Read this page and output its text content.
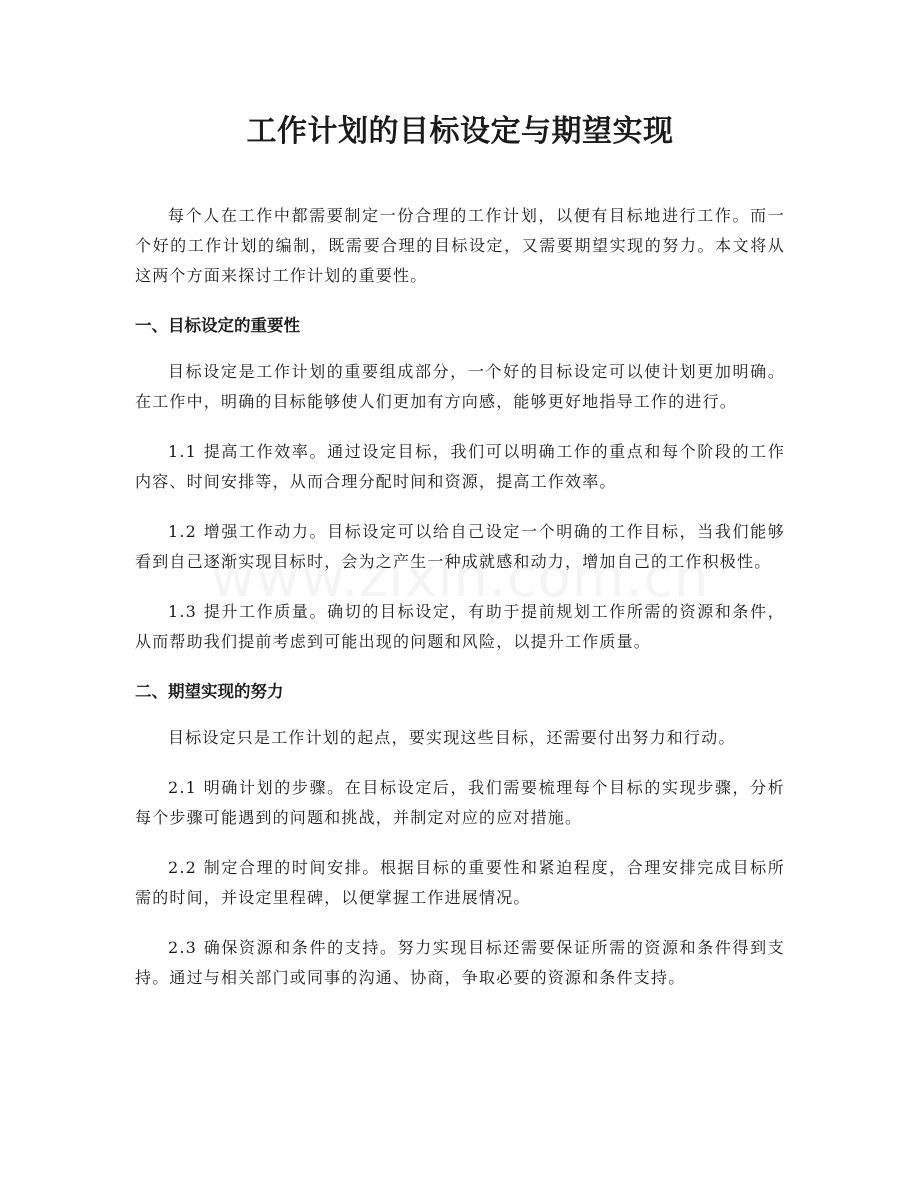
工作计划的目标设定与期望实现

每个人在工作中都需要制定一份合理的工作计划，以便有目标地进行工作。而一个好的工作计划的编制，既需要合理的目标设定，又需要期望实现的努力。本文将从这两个方面来探讨工作计划的重要性。

一、目标设定的重要性

目标设定是工作计划的重要组成部分，一个好的目标设定可以使计划更加明确。在工作中，明确的目标能够使人们更加有方向感，能够更好地指导工作的进行。

1.1 提高工作效率。通过设定目标，我们可以明确工作的重点和每个阶段的工作内容、时间安排等，从而合理分配时间和资源，提高工作效率。

1.2 增强工作动力。目标设定可以给自己设定一个明确的工作目标，当我们能够看到自己逐渐实现目标时，会为之产生一种成就感和动力，增加自己的工作积极性。

1.3 提升工作质量。确切的目标设定，有助于提前规划工作所需的资源和条件，从而帮助我们提前考虑到可能出现的问题和风险，以提升工作质量。

二、期望实现的努力

目标设定只是工作计划的起点，要实现这些目标，还需要付出努力和行动。

2.1 明确计划的步骤。在目标设定后，我们需要梳理每个目标的实现步骤，分析每个步骤可能遇到的问题和挑战，并制定对应的应对措施。

2.2 制定合理的时间安排。根据目标的重要性和紧迫程度，合理安排完成目标所需的时间，并设定里程碑，以便掌握工作进展情况。

2.3 确保资源和条件的支持。努力实现目标还需要保证所需的资源和条件得到支持。通过与相关部门或同事的沟通、协商，争取必要的资源和条件支持。
